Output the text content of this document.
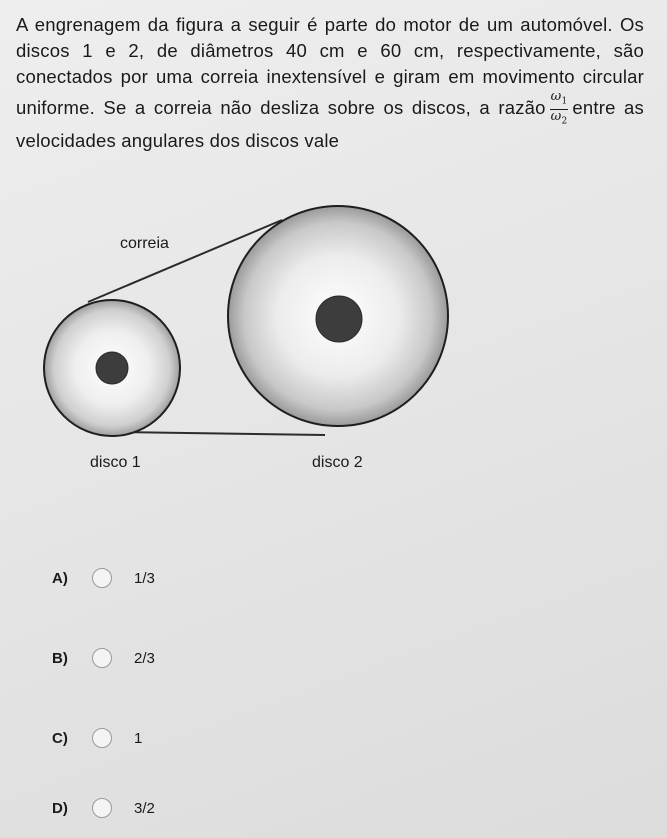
A engrenagem da figura a seguir é parte do motor de um automóvel. Os discos 1 e 2, de diâmetros 40 cm e 60 cm, respectivamente, são conectados por uma correia inextensível e giram em movimento circular uniforme. Se a correia não desliza sobre os discos, a razão $\frac{\omega_1}{\omega_2}$ entre as velocidades angulares dos discos vale
correia
disco 1	disco 2
A)	1/3
B)	2/3
C)	1
D)	3/2
